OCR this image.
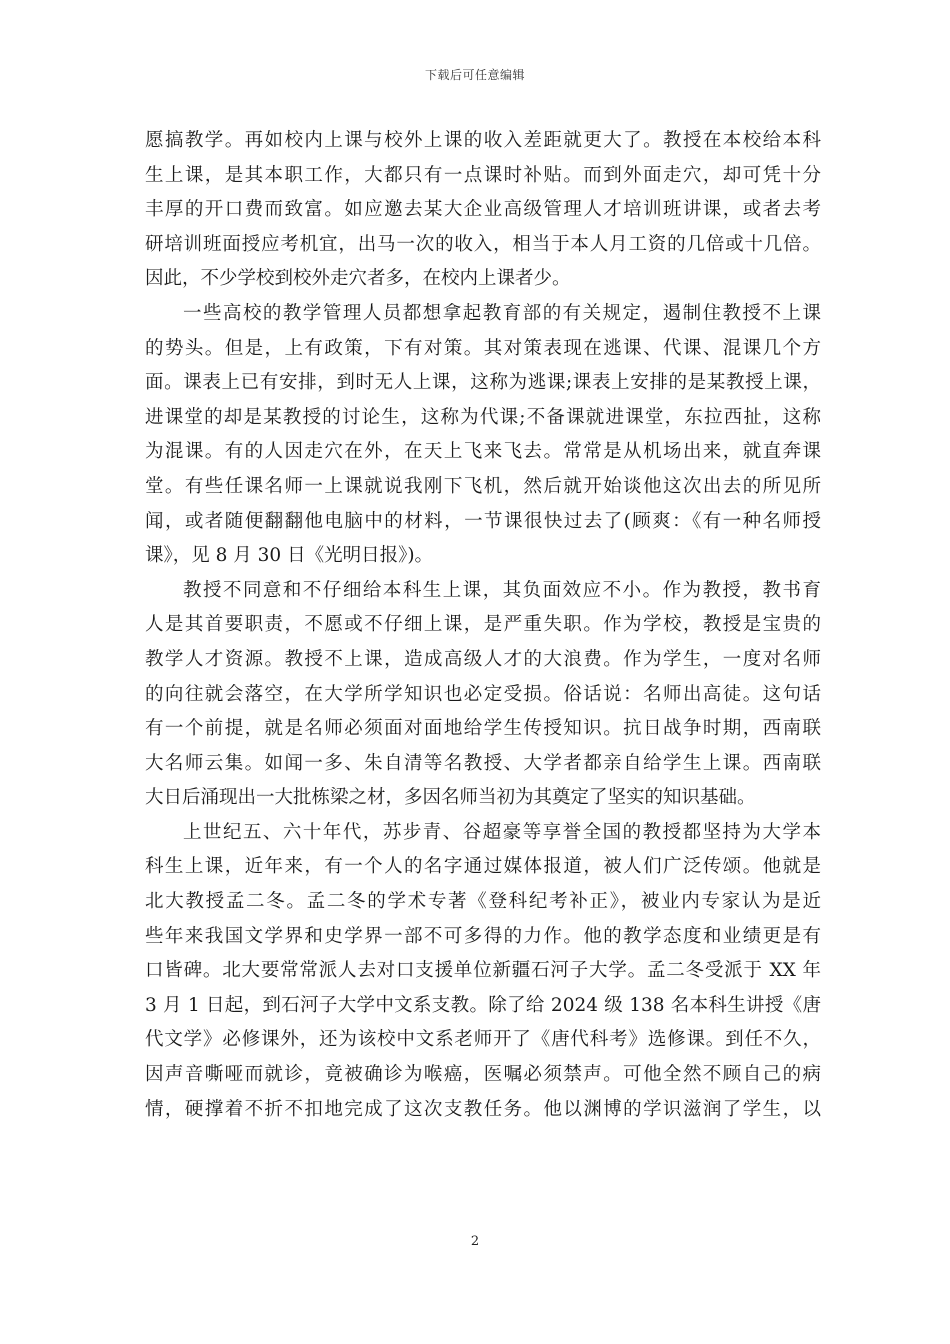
下载后可任意编辑
愿搞教学。再如校内上课与校外上课的收入差距就更大了。教授在本校给本科
生上课，是其本职工作，大都只有一点课时补贴。而到外面走穴，却可凭十分
丰厚的开口费而致富。如应邀去某大企业高级管理人才培训班讲课，或者去考
研培训班面授应考机宜，出马一次的收入，相当于本人月工资的几倍或十几倍。
因此，不少学校到校外走穴者多，在校内上课者少。
一些高校的教学管理人员都想拿起教育部的有关规定，遏制住教授不上课
的势头。但是，上有政策，下有对策。其对策表现在逃课、代课、混课几个方
面。课表上已有安排，到时无人上课，这称为逃课;课表上安排的是某教授上课，
进课堂的却是某教授的讨论生，这称为代课;不备课就进课堂，东拉西扯，这称
为混课。有的人因走穴在外，在天上飞来飞去。常常是从机场出来，就直奔课
堂。有些任课名师一上课就说我刚下飞机，然后就开始谈他这次出去的所见所
闻，或者随便翻翻他电脑中的材料，一节课很快过去了(顾爽：《有一种名师授
课》，见 8 月 30 日《光明日报》)。
教授不同意和不仔细给本科生上课，其负面效应不小。作为教授，教书育
人是其首要职责，不愿或不仔细上课，是严重失职。作为学校，教授是宝贵的
教学人才资源。教授不上课，造成高级人才的大浪费。作为学生，一度对名师
的向往就会落空，在大学所学知识也必定受损。俗话说：名师出高徒。这句话
有一个前提，就是名师必须面对面地给学生传授知识。抗日战争时期，西南联
大名师云集。如闻一多、朱自清等名教授、大学者都亲自给学生上课。西南联
大日后涌现出一大批栋梁之材，多因名师当初为其奠定了坚实的知识基础。
上世纪五、六十年代，苏步青、谷超豪等享誉全国的教授都坚持为大学本
科生上课，近年来，有一个人的名字通过媒体报道，被人们广泛传颂。他就是
北大教授孟二冬。孟二冬的学术专著《登科纪考补正》，被业内专家认为是近
些年来我国文学界和史学界一部不可多得的力作。他的教学态度和业绩更是有
口皆碑。北大要常常派人去对口支援单位新疆石河子大学。孟二冬受派于 XX 年
3 月 1 日起，到石河子大学中文系支教。除了给 2024 级 138 名本科生讲授《唐
代文学》必修课外，还为该校中文系老师开了《唐代科考》选修课。到任不久，
因声音嘶哑而就诊，竟被确诊为喉癌，医嘱必须禁声。可他全然不顾自己的病
情，硬撑着不折不扣地完成了这次支教任务。他以渊博的学识滋润了学生，以
2
